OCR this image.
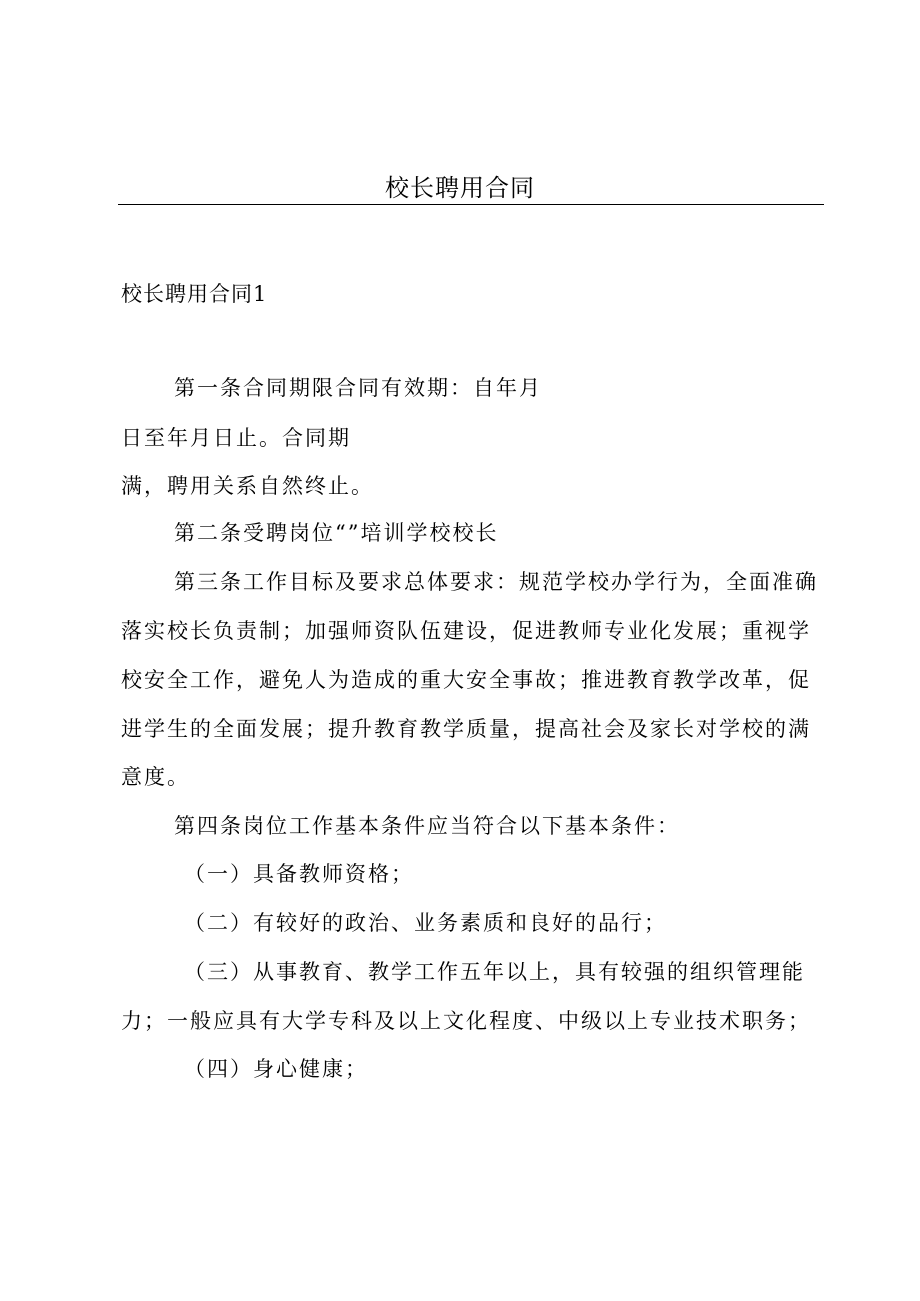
校长聘用合同
校长聘用合同1
第一条合同期限合同有效期：自年月
日至年月日止。合同期
满，聘用关系自然终止。
第二条受聘岗位“”培训学校校长
第三条工作目标及要求总体要求：规范学校办学行为，全面准确
落实校长负责制；加强师资队伍建设，促进教师专业化发展；重视学
校安全工作，避免人为造成的重大安全事故；推进教育教学改革，促
进学生的全面发展；提升教育教学质量，提高社会及家长对学校的满
意度。
第四条岗位工作基本条件应当符合以下基本条件：
（一）具备教师资格；
（二）有较好的政治、业务素质和良好的品行；
（三）从事教育、教学工作五年以上，具有较强的组织管理能
力；一般应具有大学专科及以上文化程度、中级以上专业技术职务；
（四）身心健康；
